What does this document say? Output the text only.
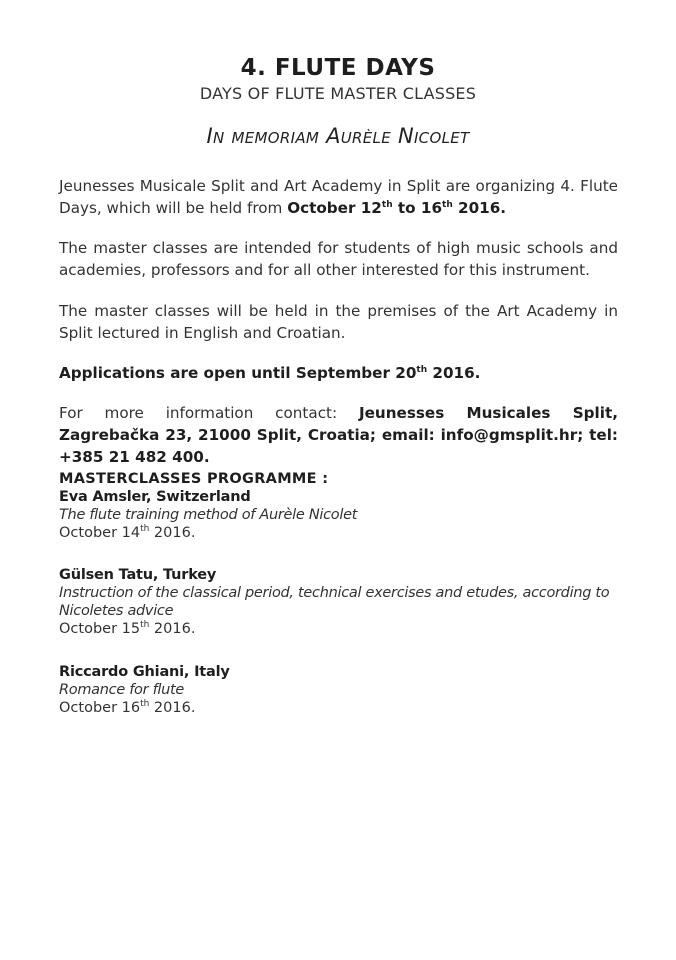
4. FLUTE DAYS
DAYS OF FLUTE MASTER CLASSES
In memoriam Aurèle Nicolet
Jeunesses Musicale Split and Art Academy in Split are organizing 4. Flute Days, which will be held from October 12th to 16th 2016.
The master classes are intended for students of high music schools and academies, professors and for all other interested for this instrument.
The master classes will be held in the premises of the Art Academy in Split lectured in English and Croatian.
Applications are open until September 20th 2016.
For more information contact: Jeunesses Musicales Split, Zagrebačka 23, 21000 Split, Croatia; email: info@gmsplit.hr; tel: +385 21 482 400.
MASTERCLASSES PROGRAMME :
Eva Amsler, Switzerland
The flute training method of Aurèle Nicolet
October 14th 2016.
Gülsen Tatu, Turkey
Instruction of the classical period, technical exercises and etudes, according to Nicoletes advice
October 15th 2016.
Riccardo Ghiani, Italy
Romance for flute
October 16th 2016.
